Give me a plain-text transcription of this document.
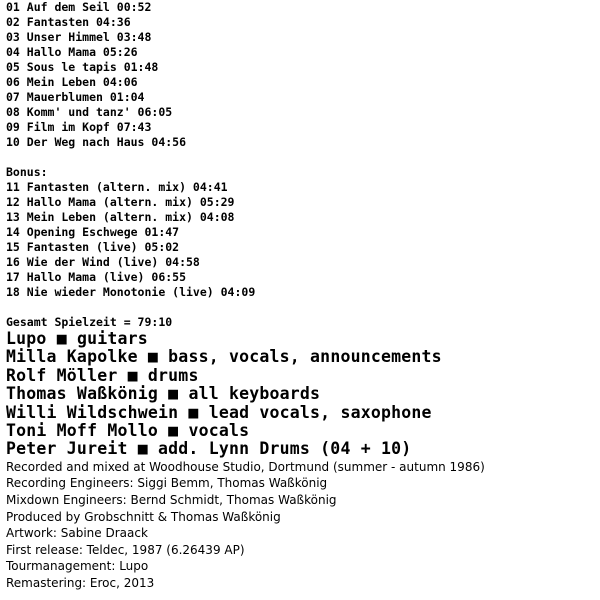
01 Auf dem Seil 00:52
02 Fantasten 04:36
03 Unser Himmel 03:48
04 Hallo Mama 05:26
05 Sous le tapis 01:48
06 Mein Leben 04:06
07 Mauerblumen 01:04
08 Komm' und tanz' 06:05
09 Film im Kopf 07:43
10 Der Weg nach Haus 04:56
Bonus:
11 Fantasten (altern. mix) 04:41
12 Hallo Mama (altern. mix) 05:29
13 Mein Leben (altern. mix) 04:08
14 Opening Eschwege 01:47
15 Fantasten (live) 05:02
16 Wie der Wind (live) 04:58
17 Hallo Mama (live) 06:55
18 Nie wieder Monotonie (live) 04:09
Gesamt Spielzeit = 79:10
Lupo ■ guitars
Milla Kapolke ■ bass, vocals, announcements
Rolf Möller ■ drums
Thomas Waßkönig ■ all keyboards
Willi Wildschwein ■ lead vocals, saxophone
Toni Moff Mollo ■ vocals
Peter Jureit ■ add. Lynn Drums (04 + 10)
Recorded and mixed at Woodhouse Studio, Dortmund (summer - autumn 1986)
Recording Engineers: Siggi Bemm, Thomas Waßkönig
Mixdown Engineers: Bernd Schmidt, Thomas Waßkönig
Produced by Grobschnitt & Thomas Waßkönig
Artwork: Sabine Draack
First release: Teldec, 1987 (6.26439 AP)
Tourmanagement: Lupo
Remastering: Eroc, 2013
